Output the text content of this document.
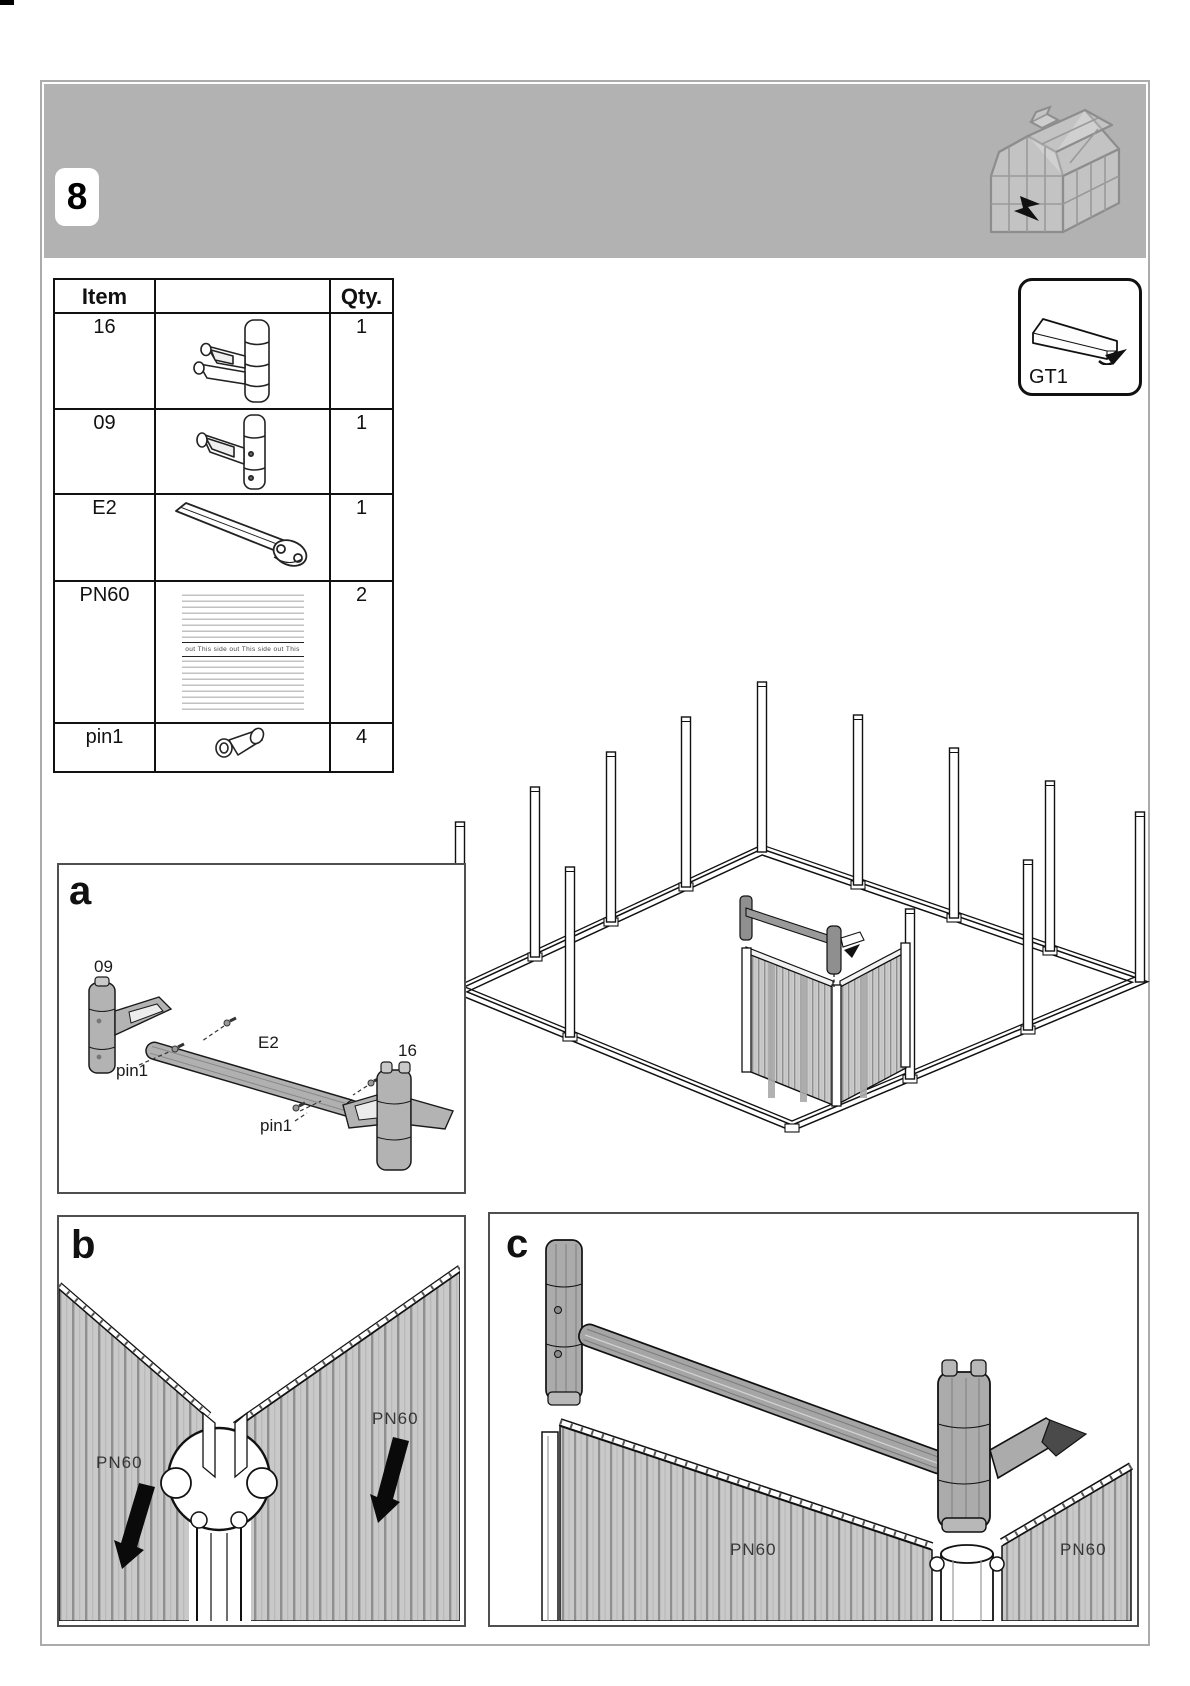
8
Item		Qty.
16		1
09		1
E2		1
PN60	out This side out This side out This	2
pin1		4
GT1
a
09
pin1
E2
pin1
16
b
PN60
PN60
c
PN60	PN60
